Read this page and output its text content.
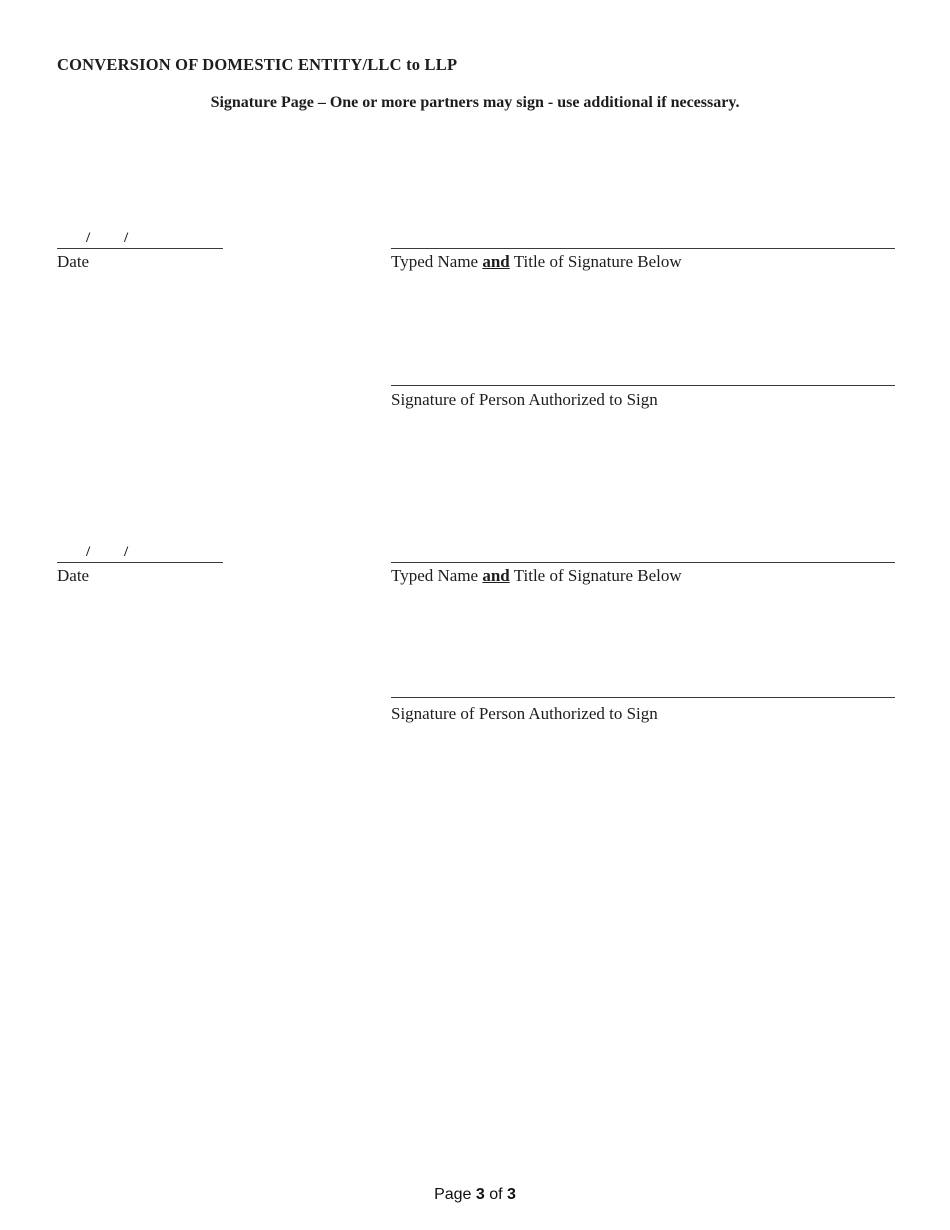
CONVERSION OF DOMESTIC ENTITY/LLC to LLP
Signature Page – One or more partners may sign - use additional if necessary.
/ /
Date	Typed Name and Title of Signature Below
Signature of Person Authorized to Sign
/ /
Date	Typed Name and Title of Signature Below
Signature of Person Authorized to Sign
Page 3 of 3
